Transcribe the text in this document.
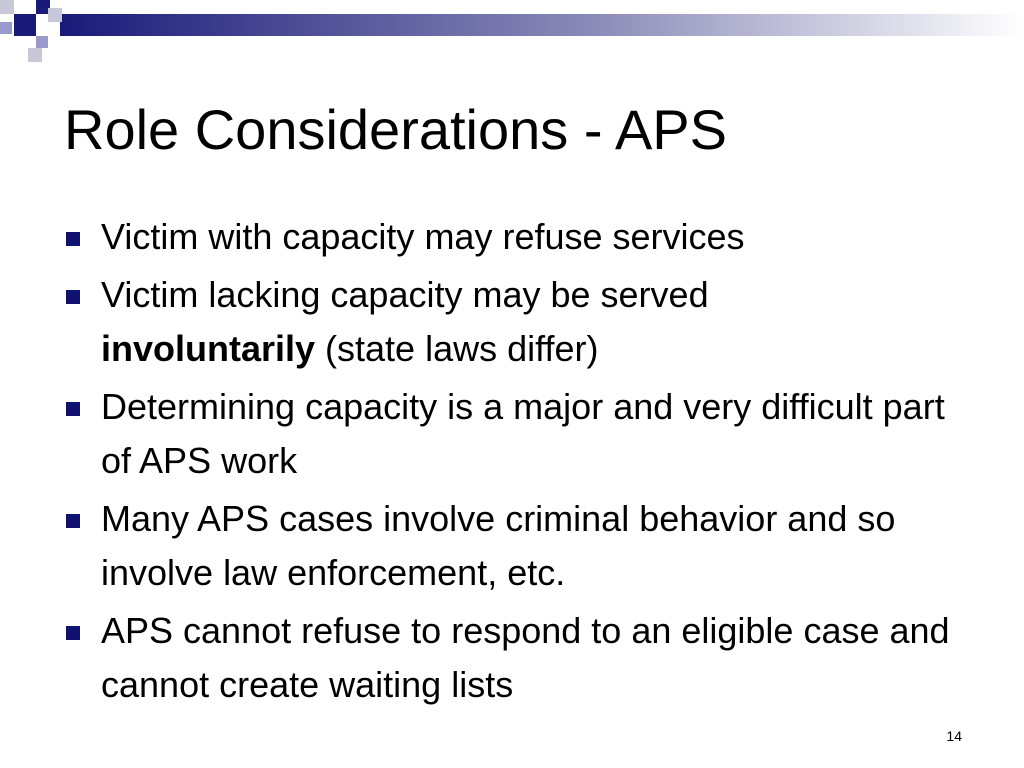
Role Considerations - APS
Victim with capacity may refuse services
Victim lacking capacity may be served
involuntarily (state laws differ)
Determining capacity is a major and very difficult part of APS work
Many APS cases involve criminal behavior and so involve law enforcement, etc.
APS cannot refuse to respond to an eligible case and cannot create waiting lists
14
